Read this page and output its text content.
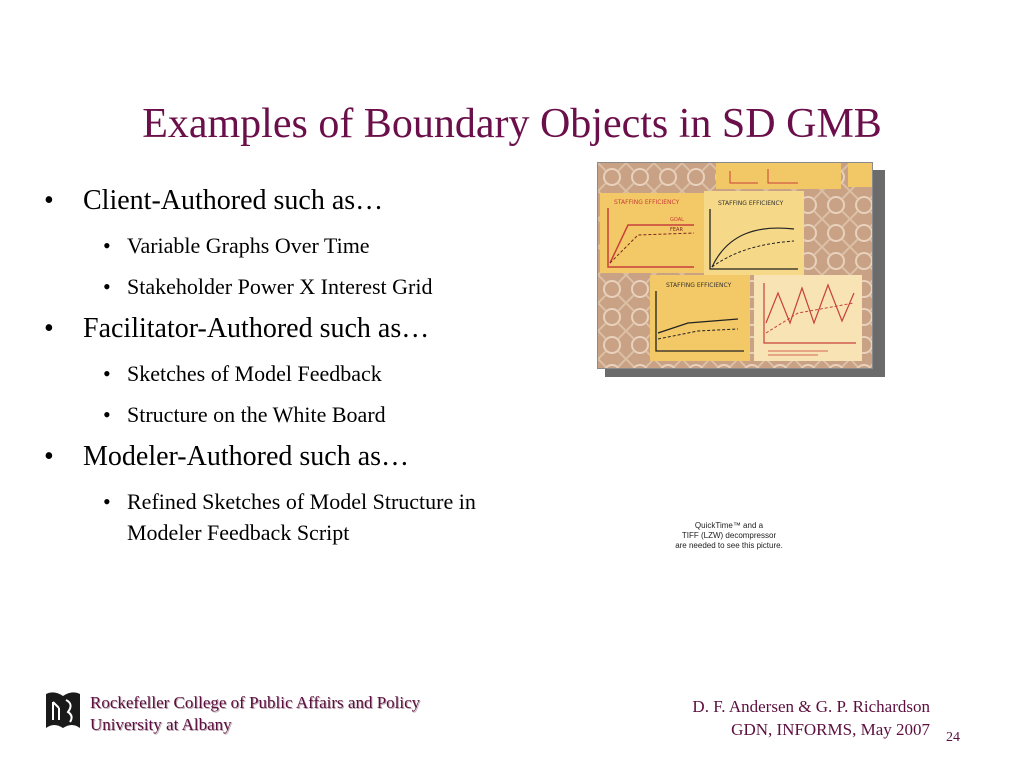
Examples of Boundary Objects in SD GMB
• Client-Authored such as…
• Variable Graphs Over Time
• Stakeholder Power X Interest Grid
• Facilitator-Authored such as…
• Sketches of Model Feedback
• Structure on the White Board
• Modeler-Authored such as…
• Refined Sketches of Model Structure in Modeler Feedback Script
STAFFING EFFICIENCY
GOAL
FEAR
STAFFING EFFICIENCY
STAFFING EFFICIENCY
QuickTime™ and a
TIFF (LZW) decompressor
are needed to see this picture.
Rockefeller College of Public Affairs and Policy
University at Albany
D. F. Andersen & G. P. Richardson
GDN, INFORMS, May 2007 24
